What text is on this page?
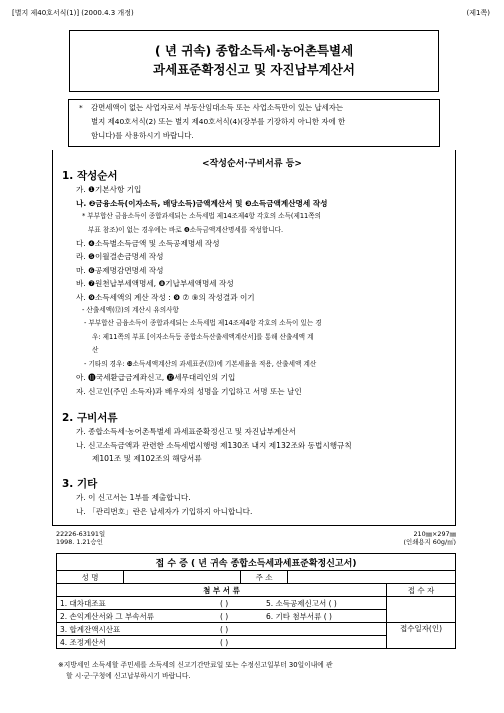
[별지 제40호서식(1)] (2000.4.3 개정)	(제1쪽)
( 년 귀속) 종합소득세·농어촌특별세
과세표준확정신고 및 자진납부계산서
* 감면세액이 없는 사업자로서 부동산임대소득 또는 사업소득만이 있는 납세자는
별지 제40호서식(2) 또는 별지 제40호서식(4)(장부를 기장하지 아니한 자에 한
함니다)를 사용하시기 바랍니다.
<작성순서·구비서류 등>
1. 작성순서
가. ❶기본사항 기입
나. ❷금융소득(이자소득, 배당소득)금액계산서 및 ❸소득금액계산명세 작성
* 부부합산 금융소득이 종합과세되는 소득세법 제14조제4항 각호의 소득(제11쪽의
부표 참조)이 없는 경우에는 바로 ❹소득금액계산명세를 작성합니다.
다. ❹소득별소득금액 및 소득공제명세 작성
라. ❺이월결손금명세 작성
마. ❻공제명감면명세 작성
바. ❼원천납부세액명세, ❽기납부세액명세 작성
사. ❾소득세액의 계산 작성 : ❾ ⑦ ⑨의 작성결과 이기
- 산출세액(⑫)의 계산시 유의사항
- 부부합산 금융소득이 종합과세되는 소득세법 제14조제4항 각호의 소득이 있는 경
우: 제11쪽의 부표 [이자소득등 종합소득산출세액계산서]를 통해 산출세액 계
산
- 기타의 경우: ❿소득세액계산의 과세표준(⑫)에 기본세율을 적용, 산출세액 계산
아. ⓫국세환급금계좌신고, ⓬세무대리인의 기입
자. 신고인(주민 소득자)과 배우자의 성명을 기입하고 서명 또는 날인
2. 구비서류
가. 종합소득세·농어촌특별세 과세표준확정신고 및 자진납부계산서
나. 신고소득금액과 관련한 소득세법시행령 제130조 내지 제132조와 동법시행규칙
제101조 및 제102조의 해당서류
3. 기타
가. 이 신고서는 1부를 제출합니다.
나. 「관리번호」란은 납세자가 기입하지 아니합니다.
22226-63191일
1998. 1.21승인
210㎜×297㎜
(인쇄용지 60g/㎡)
접 수 증 ( 년 귀속 종합소득세과세표준확정신고서)
성 명		주 소	
첨 부 서 류			접 수 자
1. 대차대조표	( )	5. 소득공제신고서 ( )	
2. 손익계산서와 그 부속서류	( )	6. 기타 첨부서류 ( )	
3. 합계잔액시산표	( )		접수일자(인)
4. 조정계산서	( )		
※지방세인 소득세할 주민세를 소득세의 신고기간만료일 또는 수정신고일부터 30일이내에 관
할 시·군·구청에 신고납부하시기 바랍니다.
